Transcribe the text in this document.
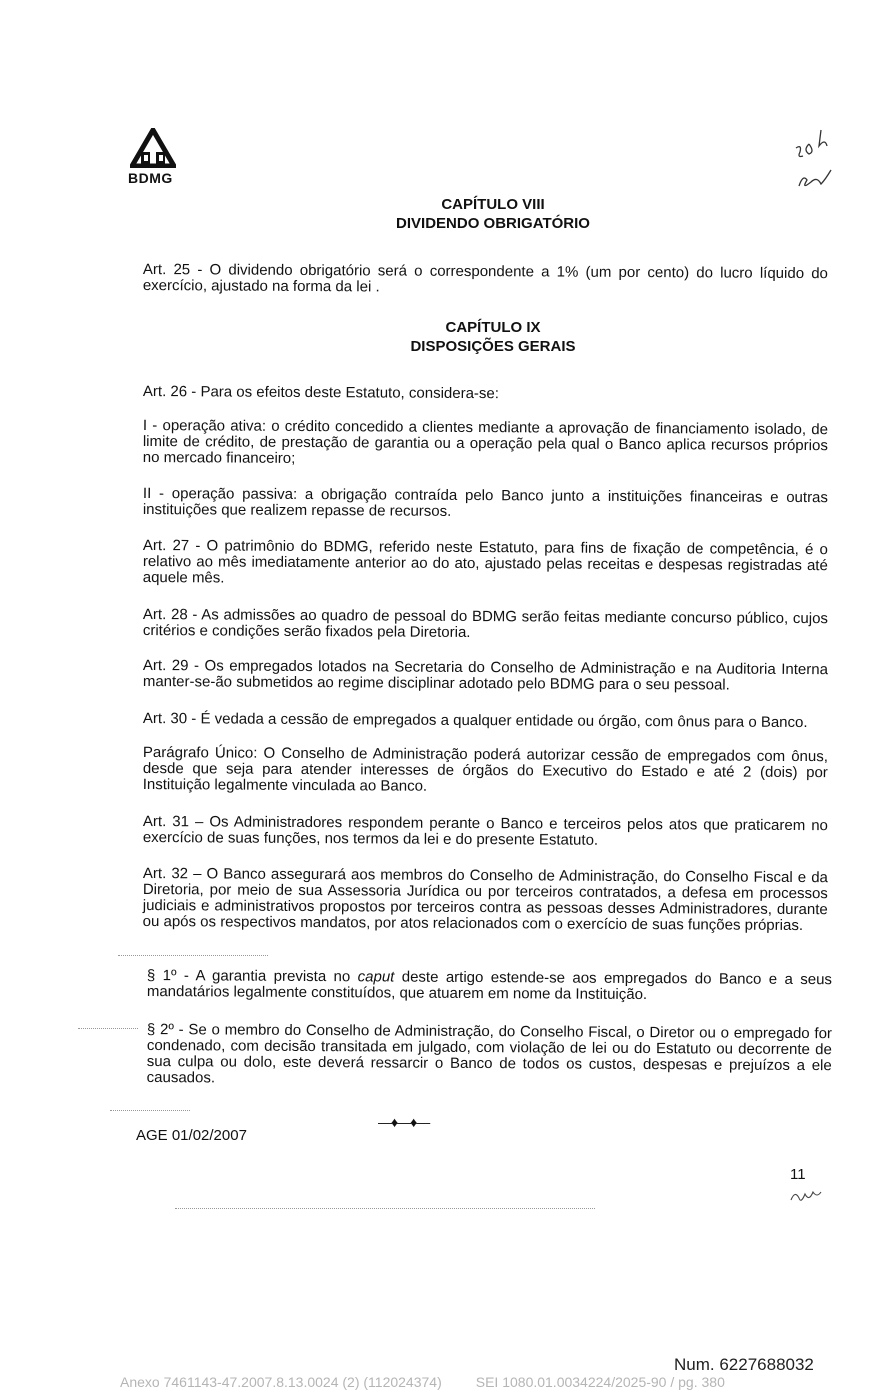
BDMG
CAPÍTULO VIII
DIVIDENDO OBRIGATÓRIO
Art. 25 - O dividendo obrigatório será o correspondente a 1% (um por cento) do lucro líquido do exercício, ajustado na forma da lei .
CAPÍTULO IX
DISPOSIÇÕES GERAIS
Art. 26 - Para os efeitos deste Estatuto, considera-se:
I - operação ativa: o crédito concedido a clientes mediante a aprovação de financiamento isolado, de limite de crédito, de prestação de garantia ou a operação pela qual o Banco aplica recursos próprios no mercado financeiro;
II - operação passiva: a obrigação contraída pelo Banco junto a instituições financeiras e outras instituições que realizem repasse de recursos.
Art. 27 - O patrimônio do BDMG, referido neste Estatuto, para fins de fixação de competência, é o relativo ao mês imediatamente anterior ao do ato, ajustado pelas receitas e despesas registradas até aquele mês.
Art. 28 - As admissões ao quadro de pessoal do BDMG serão feitas mediante concurso público, cujos critérios e condições serão fixados pela Diretoria.
Art. 29 - Os empregados lotados na Secretaria do Conselho de Administração e na Auditoria Interna manter-se-ão submetidos ao regime disciplinar adotado pelo BDMG para o seu pessoal.
Art. 30 - É vedada a cessão de empregados a qualquer entidade ou órgão, com ônus para o Banco.
Parágrafo Único: O Conselho de Administração poderá autorizar cessão de empregados com ônus, desde que seja para atender interesses de órgãos do Executivo do Estado e até 2 (dois) por Instituição legalmente vinculada ao Banco.
Art. 31 – Os Administradores respondem perante o Banco e terceiros pelos atos que praticarem no exercício de suas funções, nos termos da lei e do presente Estatuto.
Art. 32 – O Banco assegurará aos membros do Conselho de Administração, do Conselho Fiscal e da Diretoria, por meio de sua Assessoria Jurídica ou por terceiros contratados, a defesa em processos judiciais e administrativos propostos por terceiros contra as pessoas desses Administradores, durante ou após os respectivos mandatos, por atos relacionados com o exercício de suas funções próprias.
§ 1º - A garantia prevista no caput deste artigo estende-se aos empregados do Banco e a seus mandatários legalmente constituídos, que atuarem em nome da Instituição.
§ 2º - Se o membro do Conselho de Administração, do Conselho Fiscal, o Diretor ou o empregado for condenado, com decisão transitada em julgado, com violação de lei ou do Estatuto ou decorrente de sua culpa ou dolo, este deverá ressarcir o Banco de todos os custos, despesas e prejuízos a ele causados.
—♦—♦—
AGE 01/02/2007
11
Num. 6227688032
Anexo 7461143-47.2007.8.13.0024 (2) (112024374) SEI 1080.01.0034224/2025-90 / pg. 380
